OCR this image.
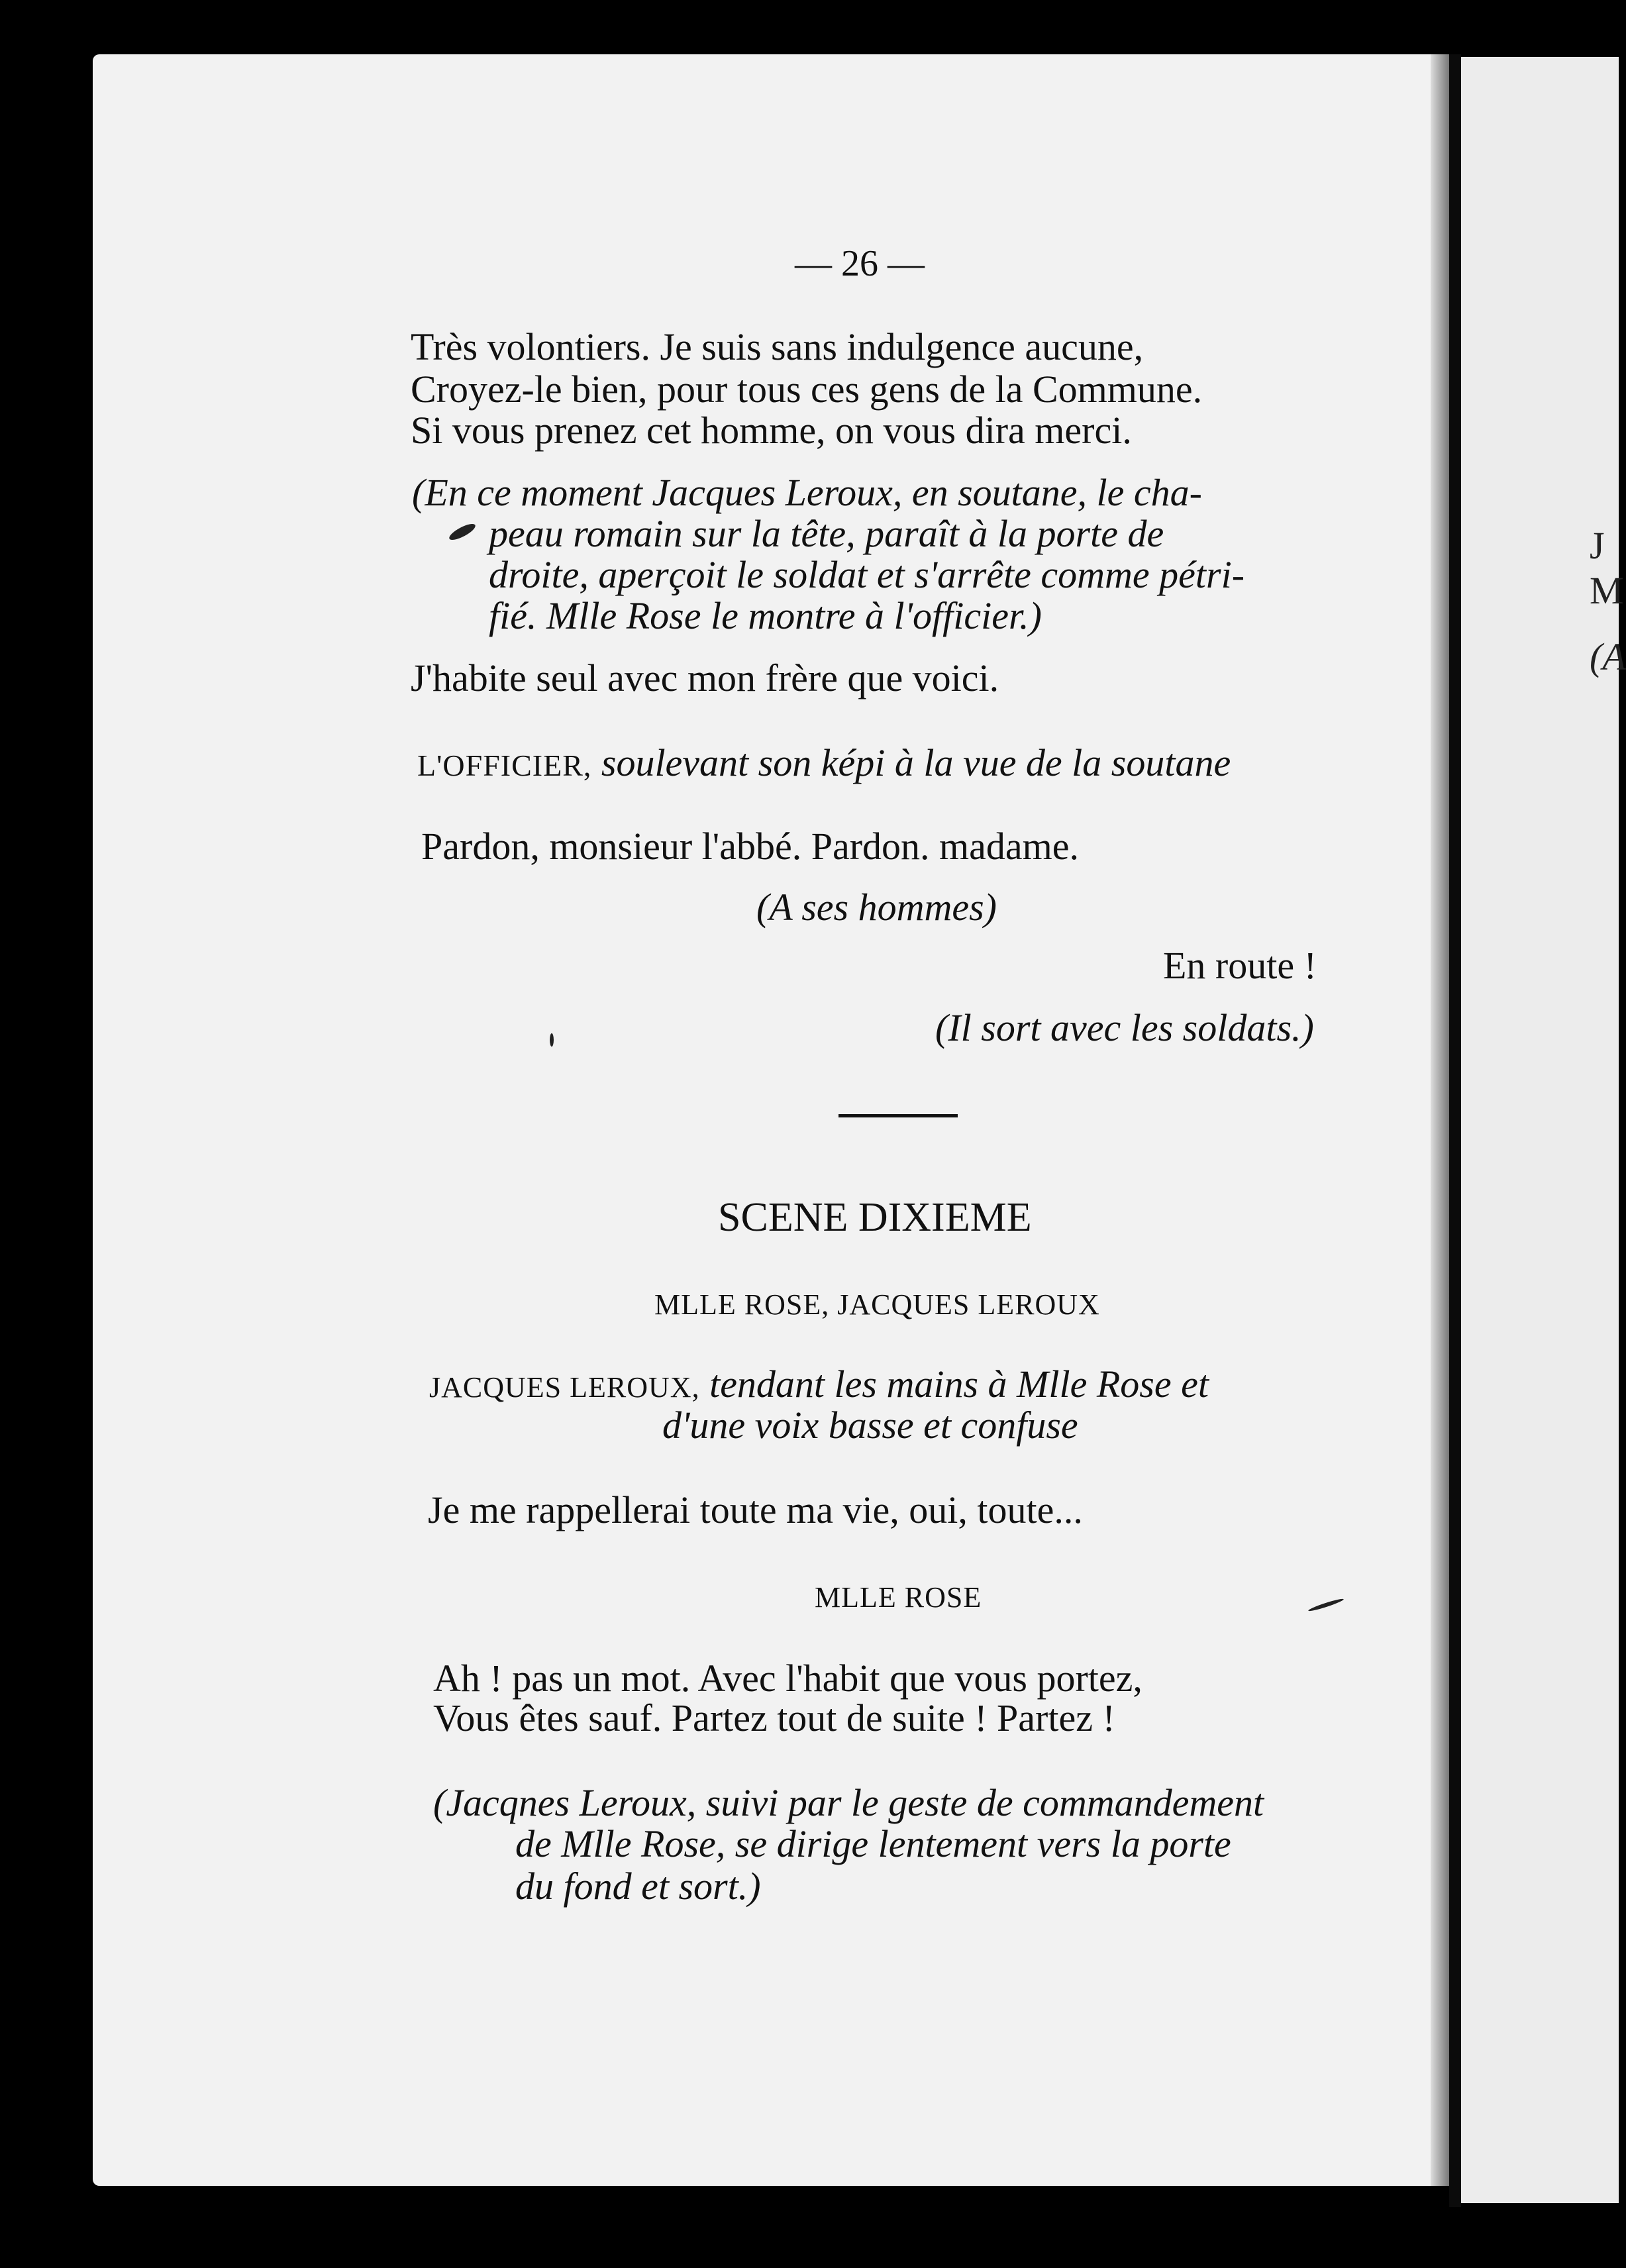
J
M
(A
— 26 —
Très volontiers. Je suis sans indulgence aucune,
Croyez-le bien, pour tous ces gens de la Commune.
Si vous prenez cet homme, on vous dira merci.
(En ce moment Jacques Leroux, en soutane, le cha-
peau romain sur la tête, paraît à la porte de
droite, aperçoit le soldat et s'arrête comme pétri-
fié. Mlle Rose le montre à l'officier.)
J'habite seul avec mon frère que voici.
L'OFFICIER, soulevant son képi à la vue de la soutane
Pardon, monsieur l'abbé. Pardon. madame.
(A ses hommes)
En route !
(Il sort avec les soldats.)
SCENE DIXIEME
MLLE ROSE, JACQUES LEROUX
JACQUES LEROUX, tendant les mains à Mlle Rose et
d'une voix basse et confuse
Je me rappellerai toute ma vie, oui, toute...
MLLE ROSE
Ah ! pas un mot. Avec l'habit que vous portez,
Vous êtes sauf. Partez tout de suite ! Partez !
(Jacqnes Leroux, suivi par le geste de commandement
de Mlle Rose, se dirige lentement vers la porte
du fond et sort.)
